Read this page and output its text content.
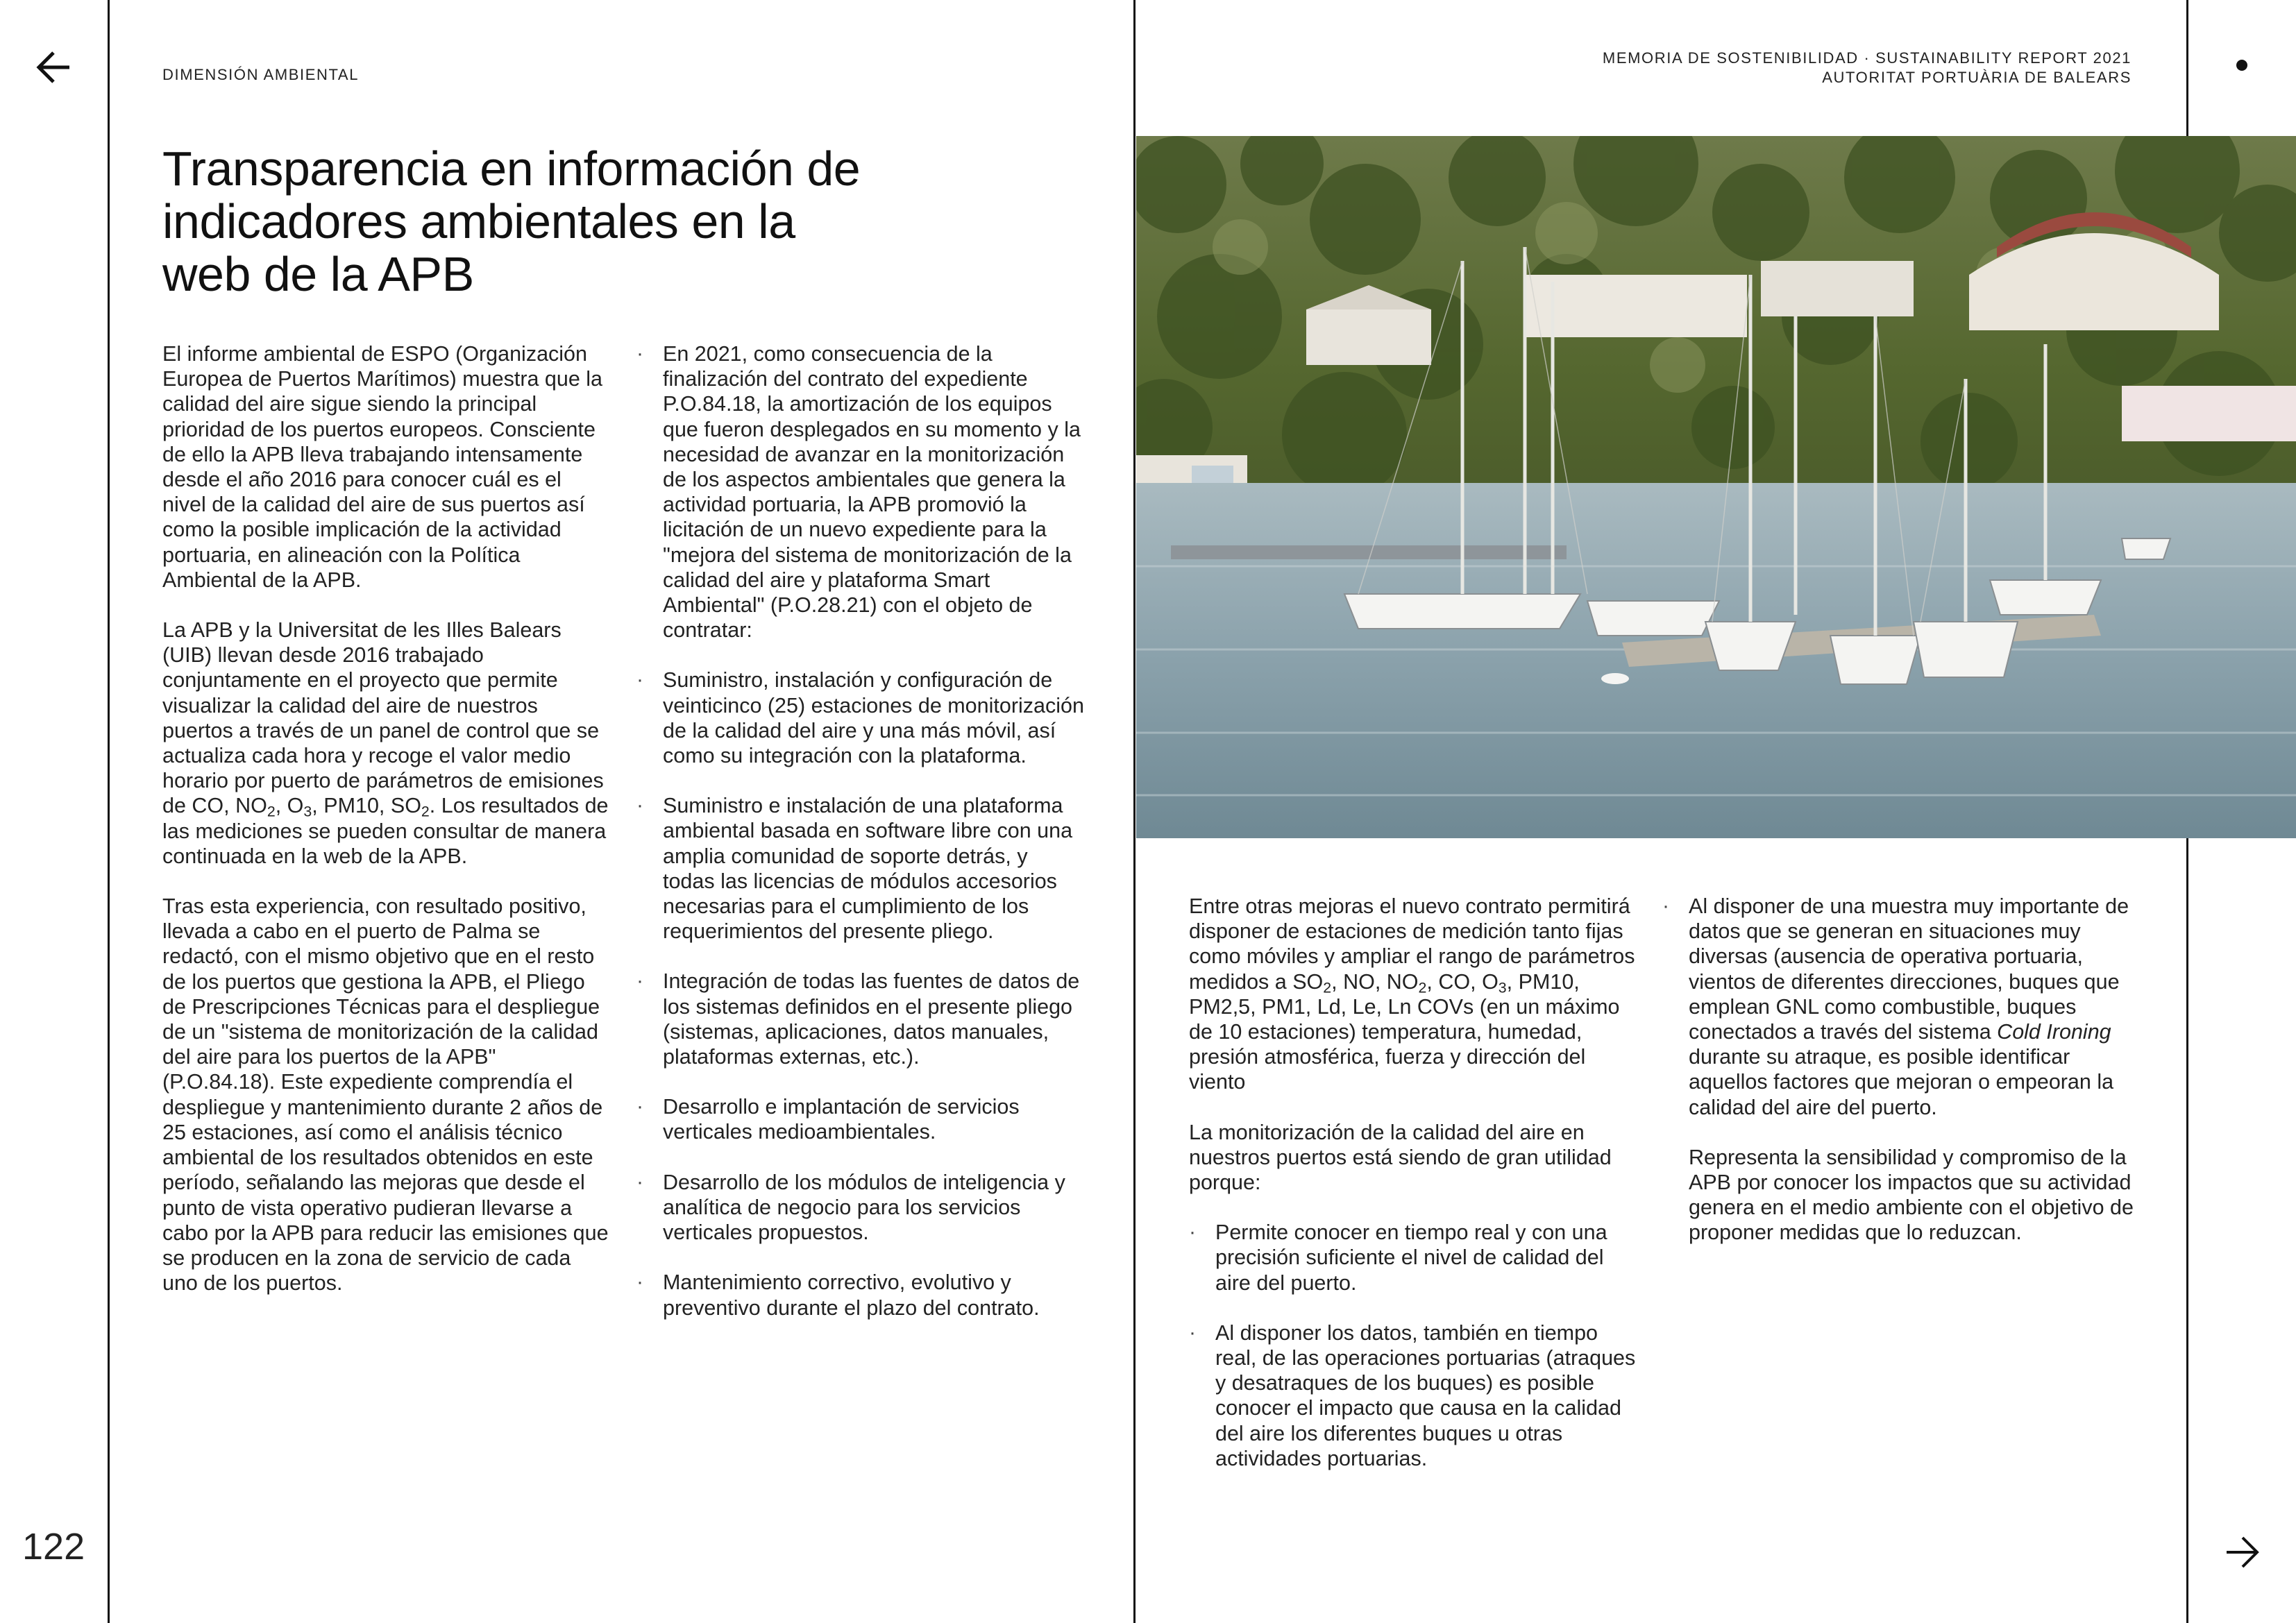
122
DIMENSIÓN AMBIENTAL
MEMORIA DE SOSTENIBILIDAD · SUSTAINABILITY REPORT 2021
AUTORITAT PORTUÀRIA DE BALEARS
Transparencia en información de indicadores ambientales en la web de la APB

El informe ambiental de ESPO (Organización Europea de Puertos Marítimos) muestra que la calidad del aire sigue siendo la principal prioridad de los puertos europeos. Consciente de ello la APB lleva trabajando intensamente desde el año 2016 para conocer cuál es el nivel de la calidad del aire de sus puertos así como la posible implicación de la actividad portuaria, en alineación con la Política Ambiental de la APB.

La APB y la Universitat de les Illes Balears (UIB) llevan desde 2016 trabajado conjuntamente en el proyecto que permite visualizar la calidad del aire de nuestros puertos a través de un panel de control que se actualiza cada hora y recoge el valor medio horario por puerto de parámetros de emisiones de CO, $NO_2$, $O_3$, PM10, $SO_2$. Los resultados de las mediciones se pueden consultar de manera continuada en la web de la APB.

Tras esta experiencia, con resultado positivo, llevada a cabo en el puerto de Palma se redactó, con el mismo objetivo que en el resto de los puertos que gestiona la APB, el Pliego de Prescripciones Técnicas para el despliegue de un "sistema de monitorización de la calidad del aire para los puertos de la APB" (P.O.84.18). Este expediente comprendía el despliegue y mantenimiento durante 2 años de 25 estaciones, así como el análisis técnico ambiental de los resultados obtenidos en este período, señalando las mejoras que desde el punto de vista operativo pudieran llevarse a cabo por la APB para reducir las emisiones que se producen en la zona de servicio de cada uno de los puertos.

· En 2021, como consecuencia de la finalización del contrato del expediente P.O.84.18, la amortización de los equipos que fueron desplegados en su momento y la necesidad de avanzar en la monitorización de los aspectos ambientales que genera la actividad portuaria, la APB promovió la licitación de un nuevo expediente para la "mejora del sistema de monitorización de la calidad del aire y plataforma Smart Ambiental" (P.O.28.21) con el objeto de contratar:
· Suministro, instalación y configuración de veinticinco (25) estaciones de monitorización de la calidad del aire y una más móvil, así como su integración con la plataforma.
· Suministro e instalación de una plataforma ambiental basada en software libre con una amplia comunidad de soporte detrás, y todas las licencias de módulos accesorios necesarias para el cumplimiento de los requerimientos del presente pliego.
· Integración de todas las fuentes de datos de los sistemas definidos en el presente pliego (sistemas, aplicaciones, datos manuales, plataformas externas, etc.).
· Desarrollo e implantación de servicios verticales medioambientales.
· Desarrollo de los módulos de inteligencia y analítica de negocio para los servicios verticales propuestos.
· Mantenimiento correctivo, evolutivo y preventivo durante el plazo del contrato.

Entre otras mejoras el nuevo contrato permitirá disponer de estaciones de medición tanto fijas como móviles y ampliar el rango de parámetros medidos a $SO_2$, NO, $NO_2$, CO, $O_3$, PM10, PM2,5, PM1, Ld, Le, Ln COVs (en un máximo de 10 estaciones) temperatura, humedad, presión atmosférica, fuerza y dirección del viento

La monitorización de la calidad del aire en nuestros puertos está siendo de gran utilidad porque:

· Permite conocer en tiempo real y con una precisión suficiente el nivel de calidad del aire del puerto.
· Al disponer los datos, también en tiempo real, de las operaciones portuarias (atraques y desatraques de los buques) es posible conocer el impacto que causa en la calidad del aire los diferentes buques u otras actividades portuarias.
· Al disponer de una muestra muy importante de datos que se generan en situaciones muy diversas (ausencia de operativa portuaria, vientos de diferentes direcciones, buques que emplean GNL como combustible, buques conectados a través del sistema Cold Ironing durante su atraque, es posible identificar aquellos factores que mejoran o empeoran la calidad del aire del puerto.

Representa la sensibilidad y compromiso de la APB por conocer los impactos que su actividad genera en el medio ambiente con el objetivo de proponer medidas que lo reduzcan.
